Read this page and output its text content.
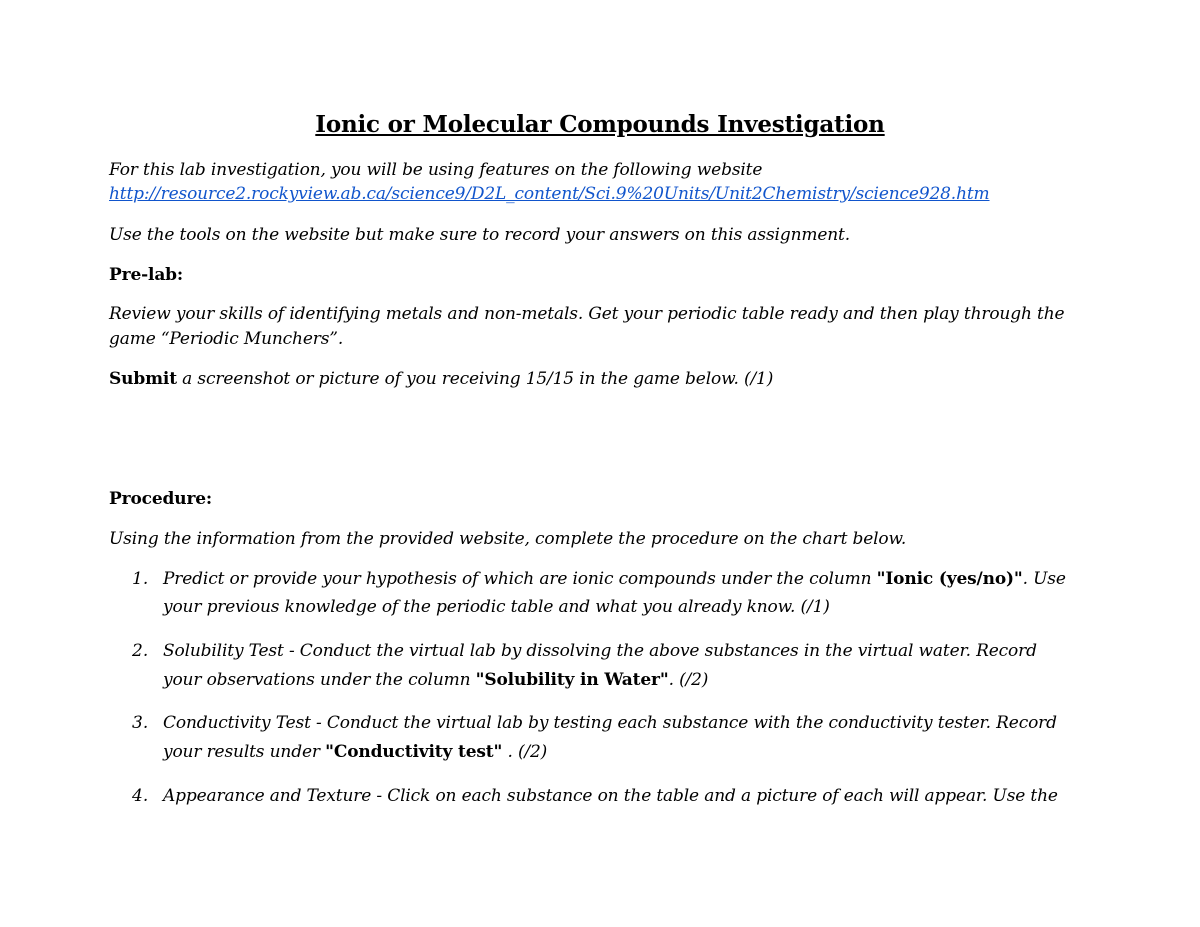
Ionic or Molecular Compounds Investigation
For this lab investigation, you will be using features on the following website
http://resource2.rockyview.ab.ca/science9/D2L_content/Sci.9%20Units/Unit2Chemistry/science928.htm
Use the tools on the website but make sure to record your answers on this assignment.
Pre-lab:
Review your skills of identifying metals and non-metals. Get your periodic table ready and then play through the
game “Periodic Munchers”.
Submit a screenshot or picture of you receiving 15/15 in the game below. (/1)
Procedure:
Using the information from the provided website, complete the procedure on the chart below.
1. Predict or provide your hypothesis of which are ionic compounds under the column "Ionic (yes/no)". Use
your previous knowledge of the periodic table and what you already know. (/1)
2. Solubility Test - Conduct the virtual lab by dissolving the above substances in the virtual water. Record
your observations under the column "Solubility in Water". (/2)
3. Conductivity Test - Conduct the virtual lab by testing each substance with the conductivity tester. Record
your results under "Conductivity test" . (/2)
4. Appearance and Texture - Click on each substance on the table and a picture of each will appear. Use the
